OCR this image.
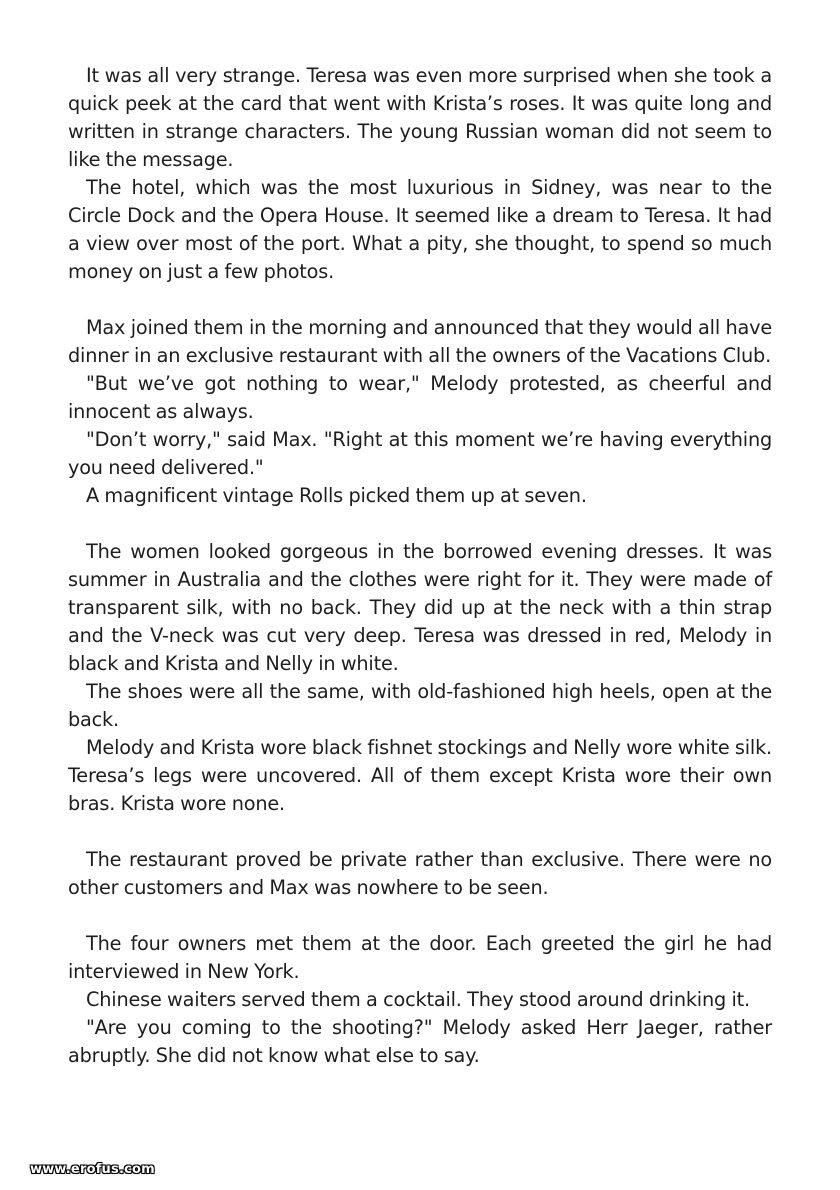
It was all very strange. Teresa was even more surprised when she took a quick peek at the card that went with Krista’s roses. It was quite long and written in strange characters. The young Russian woman did not seem to like the message.

The hotel, which was the most luxurious in Sidney, was near to the Circle Dock and the Opera House. It seemed like a dream to Teresa. It had a view over most of the port. What a pity, she thought, to spend so much money on just a few photos.

Max joined them in the morning and announced that they would all have dinner in an exclusive restaurant with all the owners of the Vacations Club.

"But we’ve got nothing to wear," Melody protested, as cheerful and innocent as always.

"Don’t worry," said Max. "Right at this moment we’re having everything you need delivered."

A magnificent vintage Rolls picked them up at seven.

The women looked gorgeous in the borrowed evening dresses. It was summer in Australia and the clothes were right for it. They were made of transparent silk, with no back. They did up at the neck with a thin strap and the V-neck was cut very deep. Teresa was dressed in red, Melody in black and Krista and Nelly in white.

The shoes were all the same, with old-fashioned high heels, open at the back.

Melody and Krista wore black fishnet stockings and Nelly wore white silk. Teresa’s legs were uncovered. All of them except Krista wore their own bras. Krista wore none.

The restaurant proved be private rather than exclusive. There were no other customers and Max was nowhere to be seen.

The four owners met them at the door. Each greeted the girl he had interviewed in New York.

Chinese waiters served them a cocktail. They stood around drinking it.

"Are you coming to the shooting?" Melody asked Herr Jaeger, rather abruptly. She did not know what else to say.

www.erofus.com
